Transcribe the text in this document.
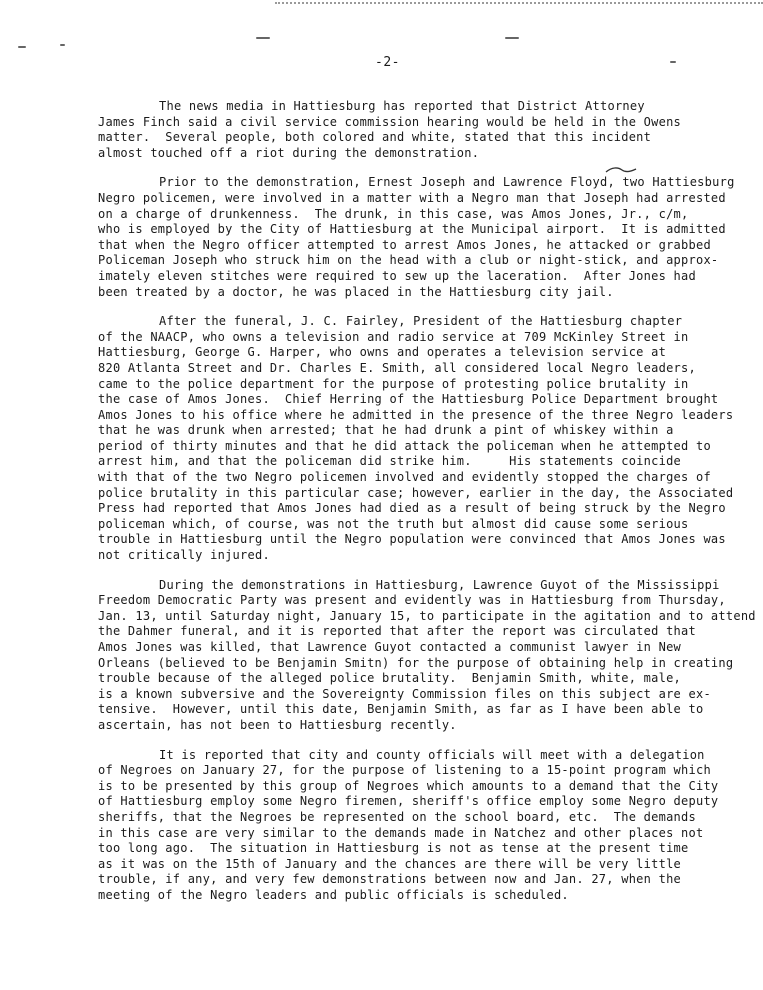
-2-
The news media in Hattiesburg has reported that District Attorney
James Finch said a civil service commission hearing would be held in the Owens
matter.  Several people, both colored and white, stated that this incident
almost touched off a riot during the demonstration.
Prior to the demonstration, Ernest Joseph and Lawrence Floyd, two Hattiesburg
Negro policemen, were involved in a matter with a Negro man that Joseph had arrested
on a charge of drunkenness.  The drunk, in this case, was Amos Jones, Jr., c/m,
who is employed by the City of Hattiesburg at the Municipal airport.  It is admitted
that when the Negro officer attempted to arrest Amos Jones, he attacked or grabbed
Policeman Joseph who struck him on the head with a club or night-stick, and approx-
imately eleven stitches were required to sew up the laceration.  After Jones had
been treated by a doctor, he was placed in the Hattiesburg city jail.
After the funeral, J. C. Fairley, President of the Hattiesburg chapter
of the NAACP, who owns a television and radio service at 709 McKinley Street in
Hattiesburg, George G. Harper, who owns and operates a television service at
820 Atlanta Street and Dr. Charles E. Smith, all considered local Negro leaders,
came to the police department for the purpose of protesting police brutality in
the case of Amos Jones.  Chief Herring of the Hattiesburg Police Department brought
Amos Jones to his office where he admitted in the presence of the three Negro leaders
that he was drunk when arrested; that he had drunk a pint of whiskey within a
period of thirty minutes and that he did attack the policeman when he attempted to
arrest him, and that the policeman did strike him.     His statements coincide
with that of the two Negro policemen involved and evidently stopped the charges of
police brutality in this particular case; however, earlier in the day, the Associated
Press had reported that Amos Jones had died as a result of being struck by the Negro
policeman which, of course, was not the truth but almost did cause some serious
trouble in Hattiesburg until the Negro population were convinced that Amos Jones was
not critically injured.
During the demonstrations in Hattiesburg, Lawrence Guyot of the Mississippi
Freedom Democratic Party was present and evidently was in Hattiesburg from Thursday,
Jan. 13, until Saturday night, January 15, to participate in the agitation and to attend
the Dahmer funeral, and it is reported that after the report was circulated that
Amos Jones was killed, that Lawrence Guyot contacted a communist lawyer in New
Orleans (believed to be Benjamin Smitn) for the purpose of obtaining help in creating
trouble because of the alleged police brutality.  Benjamin Smith, white, male,
is a known subversive and the Sovereignty Commission files on this subject are ex-
tensive.  However, until this date, Benjamin Smith, as far as I have been able to
ascertain, has not been to Hattiesburg recently.
It is reported that city and county officials will meet with a delegation
of Negroes on January 27, for the purpose of listening to a 15-point program which
is to be presented by this group of Negroes which amounts to a demand that the City
of Hattiesburg employ some Negro firemen, sheriff's office employ some Negro deputy
sheriffs, that the Negroes be represented on the school board, etc.  The demands
in this case are very similar to the demands made in Natchez and other places not
too long ago.  The situation in Hattiesburg is not as tense at the present time
as it was on the 15th of January and the chances are there will be very little
trouble, if any, and very few demonstrations between now and Jan. 27, when the
meeting of the Negro leaders and public officials is scheduled.
